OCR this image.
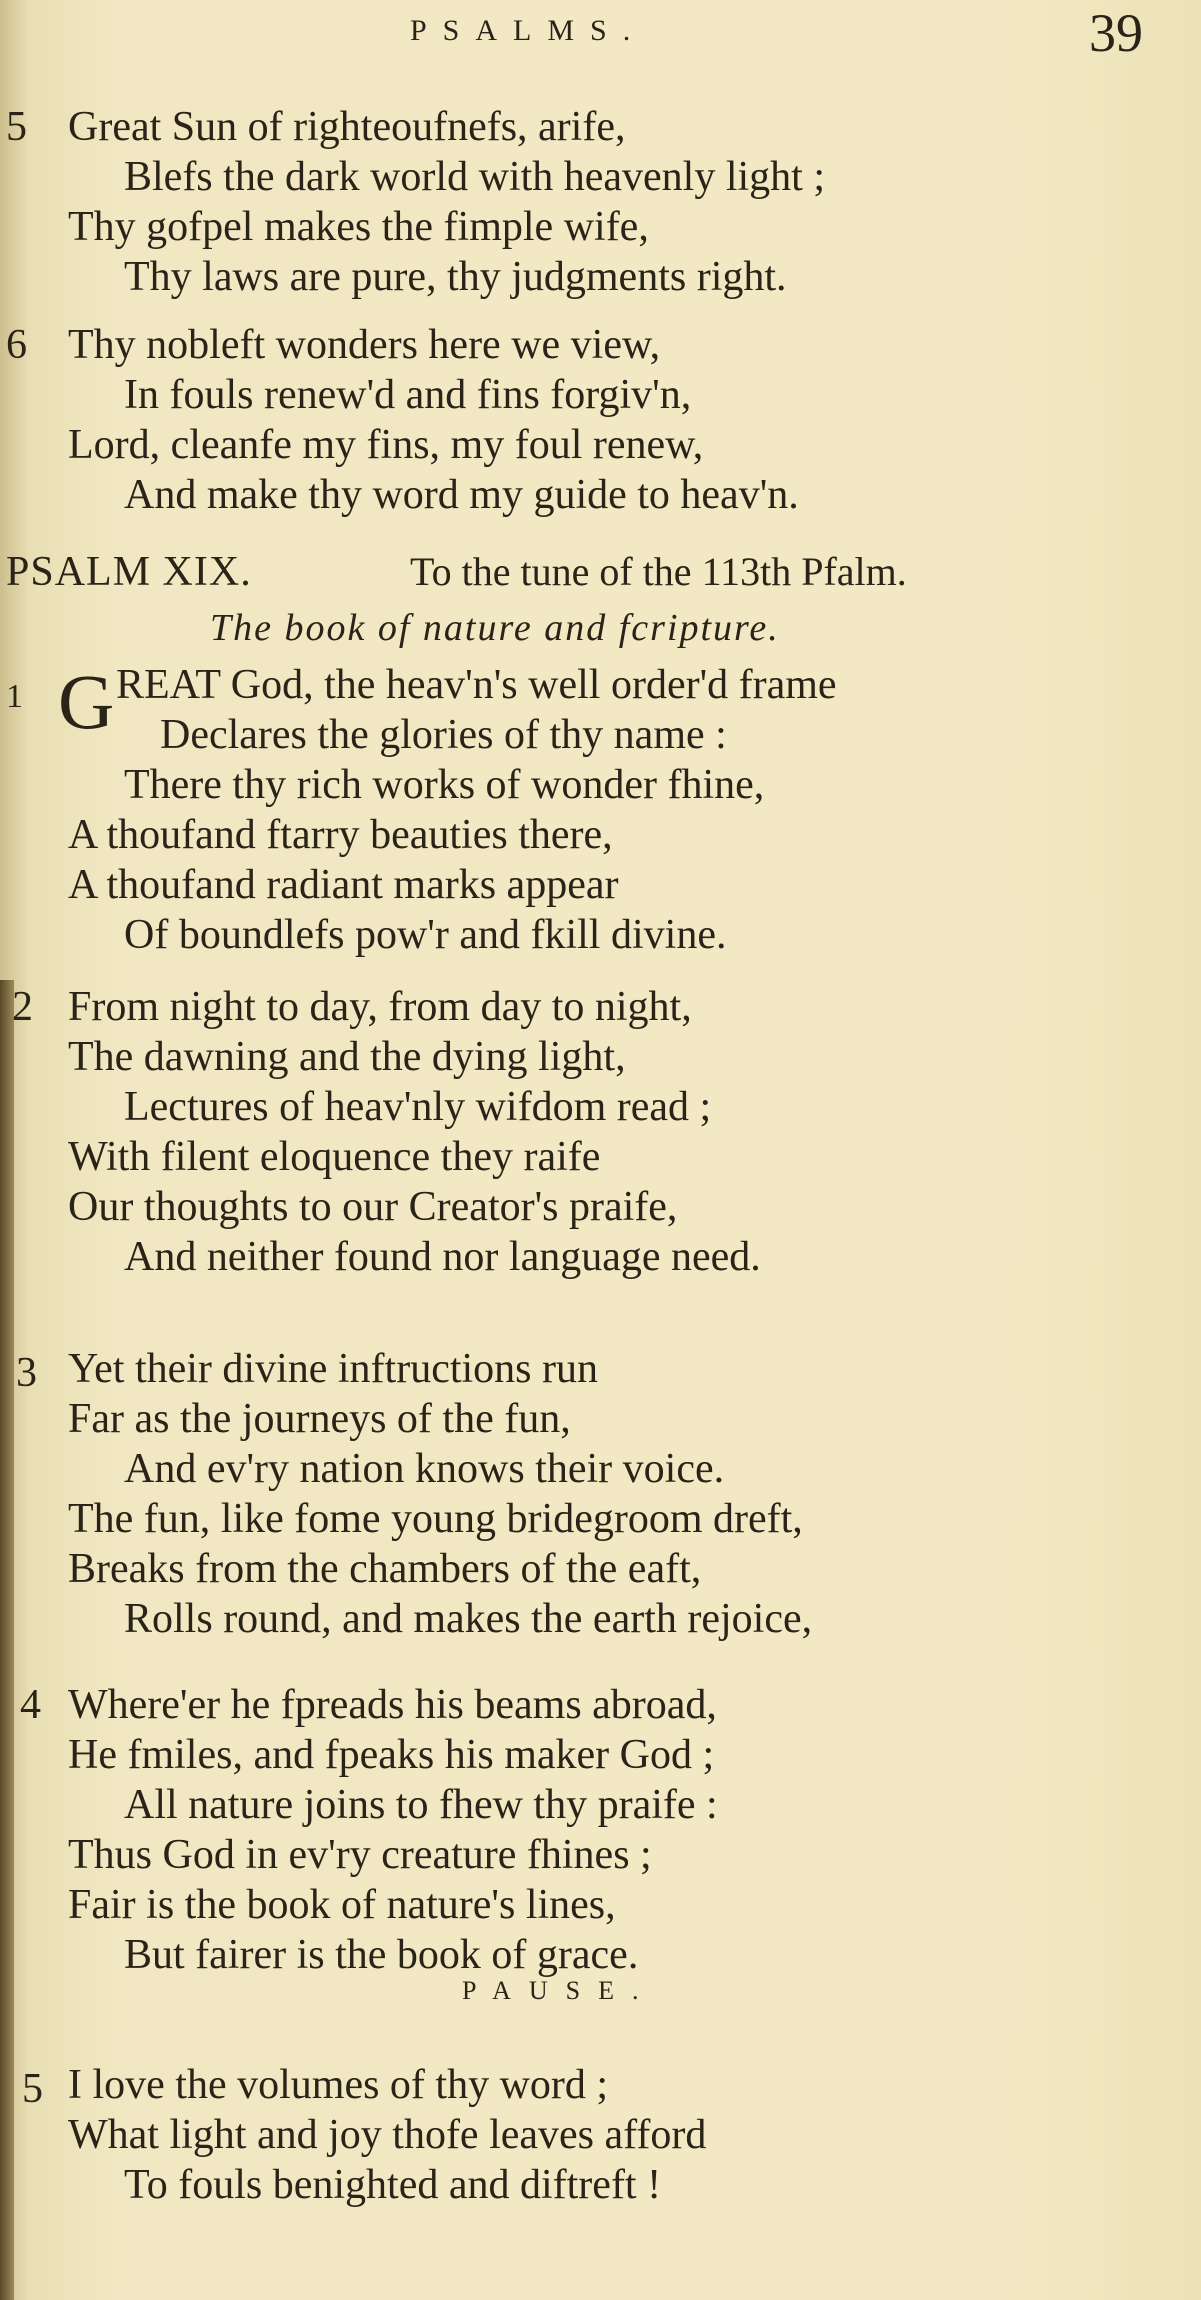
PSALMS.	39
5 Great Sun of righteoufnefs, arife,
Blefs the dark world with heavenly light ;
Thy gofpel makes the fimple wife,
Thy laws are pure, thy judgments right.
6 Thy nobleft wonders here we view,
In fouls renew'd and fins forgiv'n,
Lord, cleanfe my fins, my foul renew,
And make thy word my guide to heav'n.
PSALM XIX.	To the tune of the 113th Pfalm.
The book of nature and fcripture.
1 G REAT God, the heav'n's well order'd frame
Declares the glories of thy name :
There thy rich works of wonder fhine,
A thoufand ftarry beauties there,
A thoufand radiant marks appear
Of boundlefs pow'r and fkill divine.
2 From night to day, from day to night,
The dawning and the dying light,
Lectures of heav'nly wifdom read ;
With filent eloquence they raife
Our thoughts to our Creator's praife,
And neither found nor language need.
3 Yet their divine inftructions run
Far as the journeys of the fun,
And ev'ry nation knows their voice.
The fun, like fome young bridegroom dreft,
Breaks from the chambers of the eaft,
Rolls round, and makes the earth rejoice,
4 Where'er he fpreads his beams abroad,
He fmiles, and fpeaks his maker God ;
All nature joins to fhew thy praife :
Thus God in ev'ry creature fhines ;
Fair is the book of nature's lines,
But fairer is the book of grace.
PAUSE.
5 I love the volumes of thy word ;
What light and joy thofe leaves afford
To fouls benighted and diftreft !
